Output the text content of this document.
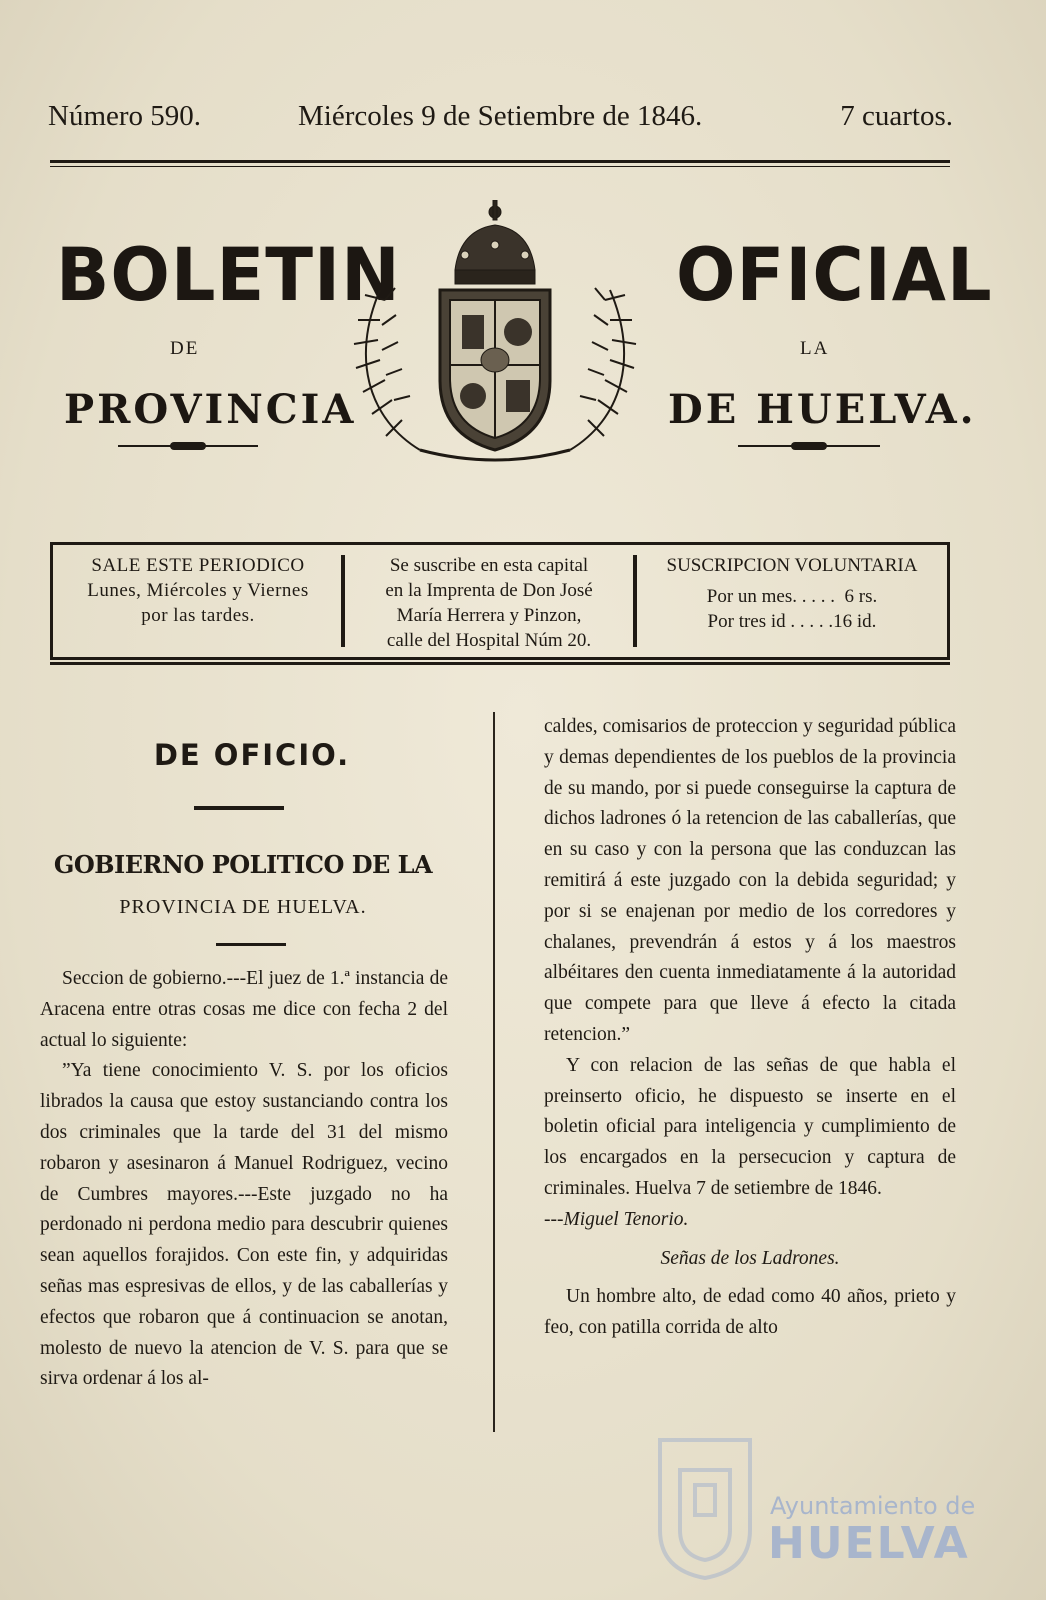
Número 590.	Miércoles 9 de Setiembre de 1846.	7 cuartos.
BOLETIN	OFICIAL
DE	LA
PROVINCIA	DE HUELVA.
SALE ESTE PERIODICO
Lunes, Miércoles y Viernes
por las tardes.
Se suscribe en esta capital
en la Imprenta de Don José
María Herrera y Pinzon,
calle del Hospital Núm 20.
SUSCRIPCION VOLUNTARIA
Por un mes. . . . .  6 rs.
Por tres id . . . . .16 id.
DE OFICIO.
GOBIERNO POLITICO DE LA
PROVINCIA DE HUELVA.

Seccion de gobierno.---El juez de 1.ª instancia de Aracena entre otras cosas me dice con fecha 2 del actual lo siguiente:

”Ya tiene conocimiento V. S. por los oficios librados la causa que estoy sustanciando contra los dos criminales que la tarde del 31 del mismo robaron y asesinaron á Manuel Rodriguez, vecino de Cumbres mayores.---Este juzgado no ha perdonado ni perdona medio para descubrir quienes sean aquellos forajidos. Con este fin, y adquiridas señas mas espresivas de ellos, y de las caballerías y efectos que robaron que á continuacion se anotan, molesto de nuevo la atencion de V. S. para que se sirva ordenar á los al-

caldes, comisarios de proteccion y seguridad pública y demas dependientes de los pueblos de la provincia de su mando, por si puede conseguirse la captura de dichos ladrones ó la retencion de las caballerías, que en su caso y con la persona que las conduzcan las remitirá á este juzgado con la debida seguridad; y por si se enajenan por medio de los corredores y chalanes, prevendrán á estos y á los maestros albéitares den cuenta inmediatamente á la autoridad que compete para que lleve á efecto la citada retencion.”

Y con relacion de las señas de que habla el preinserto oficio, he dispuesto se inserte en el boletin oficial para inteligencia y cumplimiento de los encargados en la persecucion y captura de criminales. Huelva 7 de setiembre de 1846.

---Miguel Tenorio.

Señas de los Ladrones.

Un hombre alto, de edad como 40 años, prieto y feo, con patilla corrida de alto

Ayuntamiento de
HUELVA
